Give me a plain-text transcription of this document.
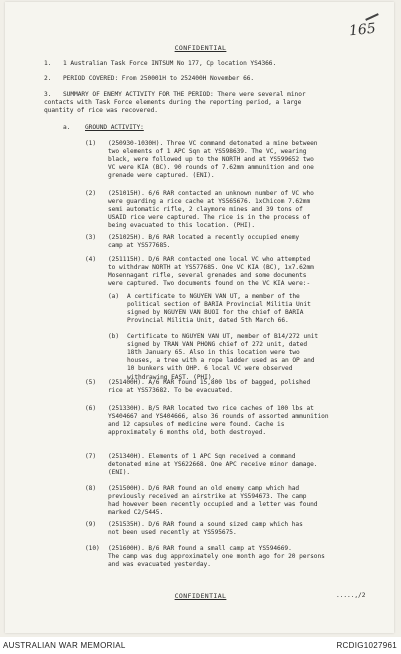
165
CONFIDENTIAL
1. 1 Australian Task Force INTSUM No 177, Cp location YS4366.
2. PERIOD COVERED: From 250001H to 252400H November 66.
3. SUMMARY OF ENEMY ACTIVITY FOR THE PERIOD: There were several minor
contacts with Task Force elements during the reporting period, a large
quantity of rice was recovered.
a. GROUND ACTIVITY:
(1) (250930-1030H). Three VC command detonated a mine between
two elements of 1 APC Sqn at YS598639. The VC, wearing
black, were followed up to the NORTH and at YS599652 two
VC were KIA (BC). 90 rounds of 7.62mm ammunition and one
grenade were captured. (ENI).
(2) (251015H). 6/6 RAR contacted an unknown number of VC who
were guarding a rice cache at YS565676. 1xChicom 7.62mm
semi automatic rifle, 2 claymore mines and 39 tons of
USAID rice were captured. The rice is in the process of
being evacuated to this location. (PHI).
(3) (251025H). B/6 RAR located a recently occupied enemy
camp at YS577685.
(4) (251115H). D/6 RAR contacted one local VC who attempted
to withdraw NORTH at YS577685. One VC KIA (BC), 1x7.62mm
Mosennagant rifle, several grenades and some documents
were captured. Two documents found on the VC KIA were:-
(a) A certificate to NGUYEN VAN UT, a member of the
political section of BARIA Provincial Militia Unit
signed by NGUYEN VAN BUOI for the chief of BARIA
Provincial Militia Unit, dated 5th March 66.
(b) Certificate to NGUYEN VAN UT, member of B14/272 unit
signed by TRAN VAN PHONG chief of 272 unit, dated
18th January 65. Also in this location were two
houses, a tree with a rope ladder used as an OP and
10 bunkers with OHP. 6 local VC were observed
withdrawing EAST. (PHI).
(5) (251400H). A/6 RAR found 15,800 lbs of bagged, polished
rice at YS573682. To be evacuated.
(6) (251330H). B/5 RAR located two rice caches of 100 lbs at
YS404667 and YS404666, also 36 rounds of assorted ammunition
and 12 capsules of medicine were found. Cache is
approximately 6 months old, both destroyed.
(7) (251340H). Elements of 1 APC Sqn received a command
detonated mine at YS622668. One APC receive minor damage.
(ENI).
(8) (251500H). D/6 RAR found an old enemy camp which had
previously received an airstrike at YS594673. The camp
had however been recently occupied and a letter was found
marked C2/5445.
(9) (251535H). D/6 RAR found a sound sized camp which has
not been used recently at YS595675.
(10) (251600H). B/6 RAR found a small camp at YS594669.
The camp was dug approximately one month ago for 20 persons
and was evacuated yesterday.
CONFIDENTIAL	.....,/2
AUSTRALIAN WAR MEMORIAL	RCDIG1027961
